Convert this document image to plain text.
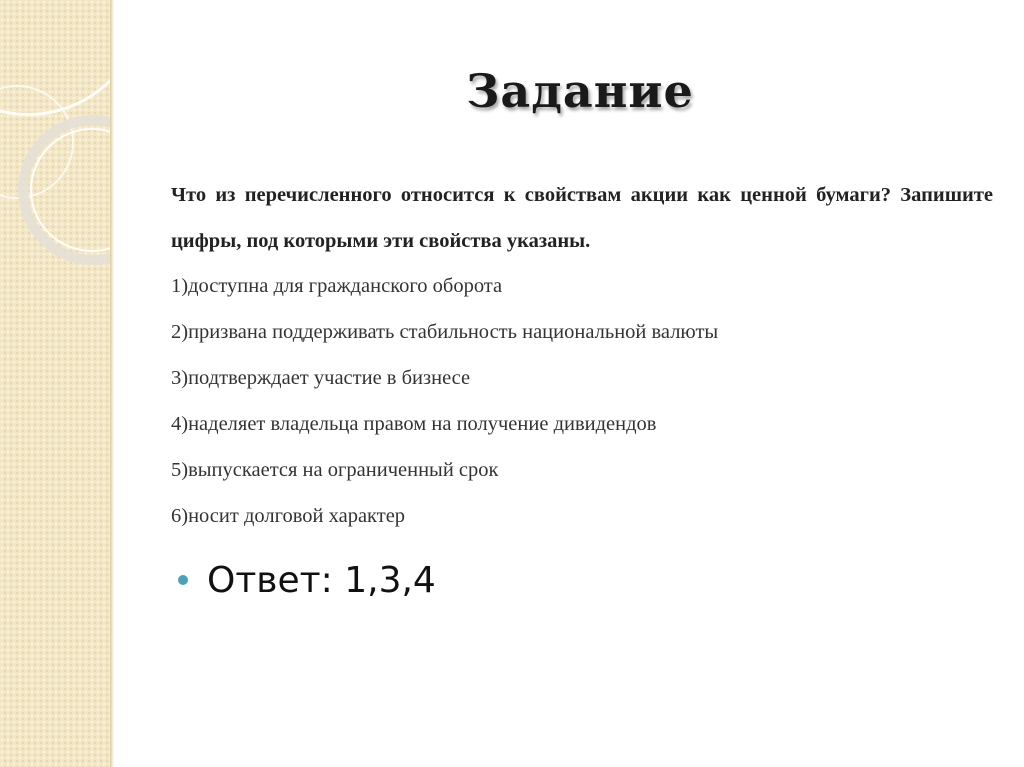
Задание

Что из перечисленного относится к свойствам акции как ценной бумаги? Запишите цифры, под которыми эти свойства указаны.

1)доступна для гражданского оборота
2)призвана поддерживать стабильность национальной валюты
3)подтверждает участие в бизнесе
4)наделяет владельца правом на получение дивидендов
5)выпускается на ограниченный срок
6)носит долговой характер
Ответ: 1,3,4
